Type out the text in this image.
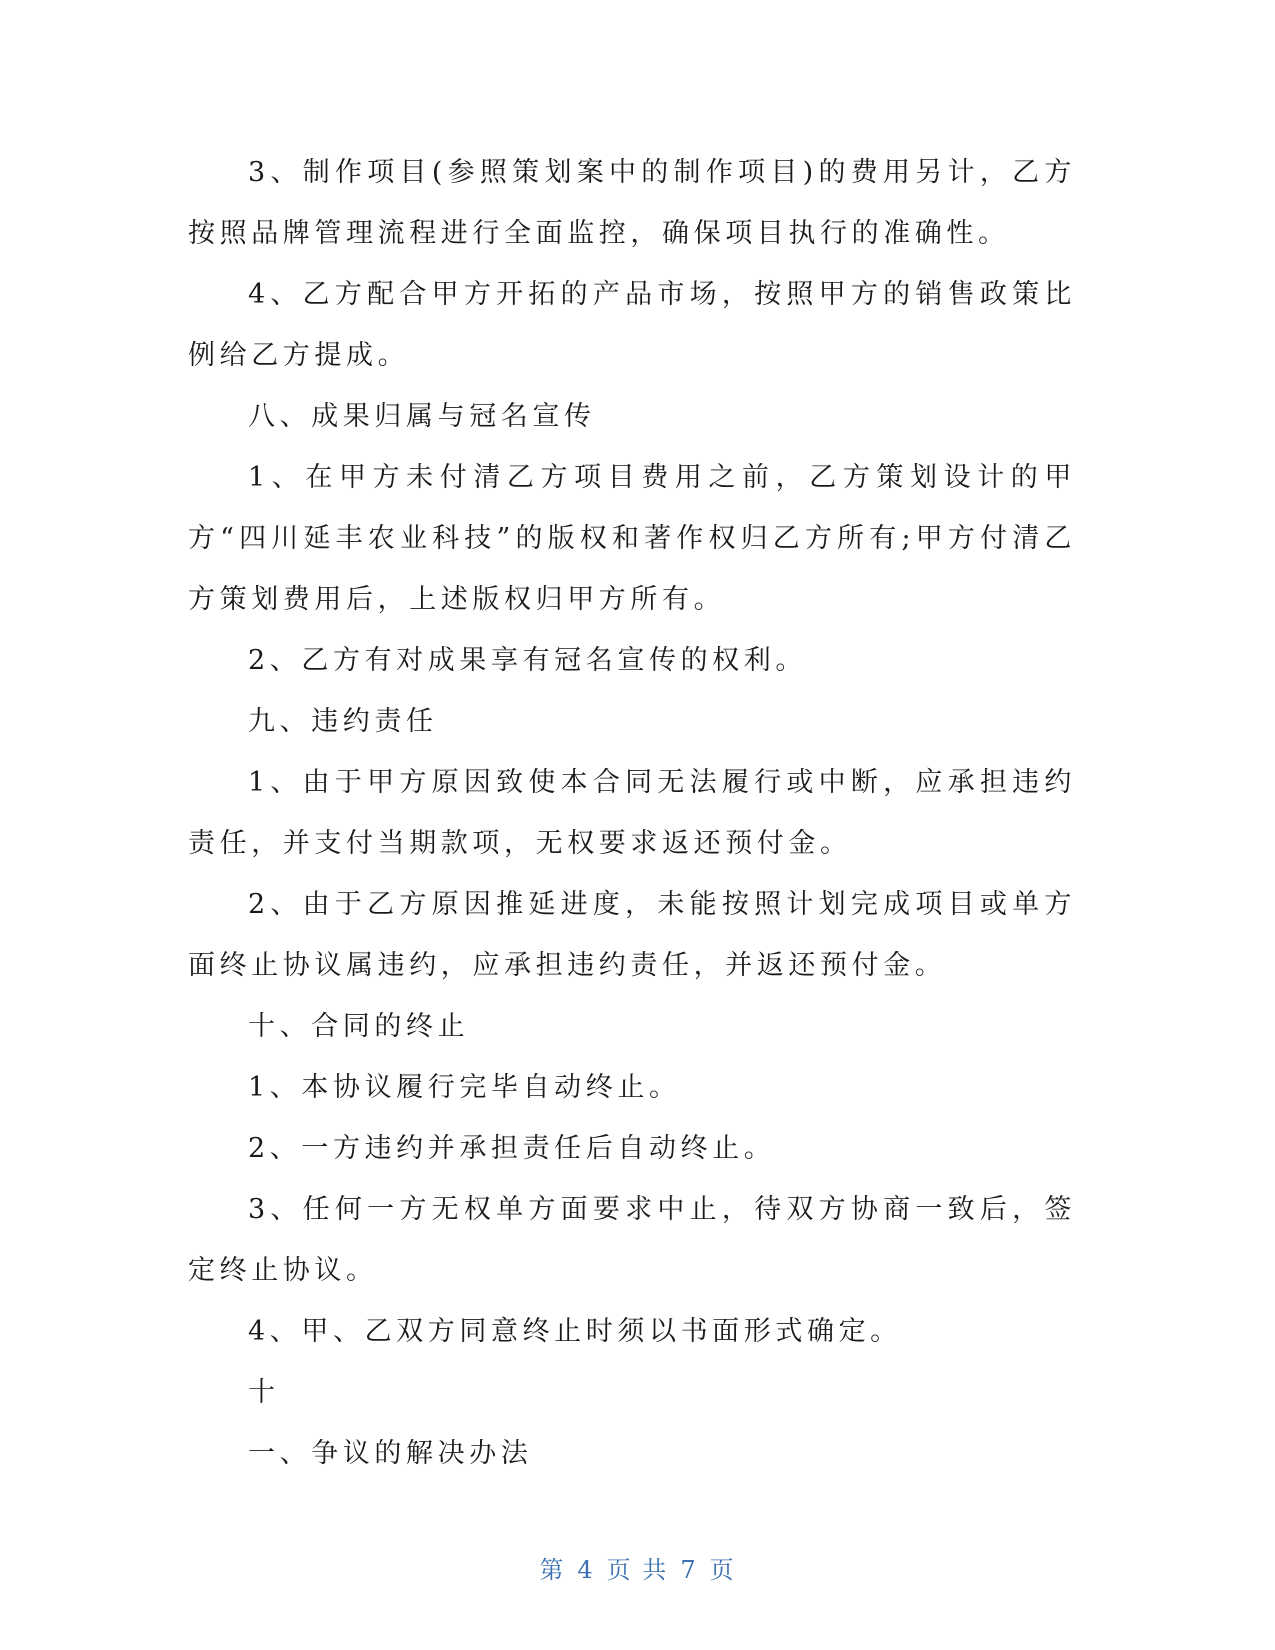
3、制作项目(参照策划案中的制作项目)的费用另计，乙方按照品牌管理流程进行全面监控，确保项目执行的准确性。

4、乙方配合甲方开拓的产品市场，按照甲方的销售政策比例给乙方提成。

八、成果归属与冠名宣传

1、在甲方未付清乙方项目费用之前，乙方策划设计的甲方“四川延丰农业科技”的版权和著作权归乙方所有;甲方付清乙方策划费用后，上述版权归甲方所有。

2、乙方有对成果享有冠名宣传的权利。

九、违约责任

1、由于甲方原因致使本合同无法履行或中断，应承担违约责任，并支付当期款项，无权要求返还预付金。

2、由于乙方原因推延进度，未能按照计划完成项目或单方面终止协议属违约，应承担违约责任，并返还预付金。

十、合同的终止

1、本协议履行完毕自动终止。

2、一方违约并承担责任后自动终止。

3、任何一方无权单方面要求中止，待双方协商一致后，签定终止协议。

4、甲、乙双方同意终止时须以书面形式确定。

十

一、争议的解决办法

第 4 页 共 7 页
